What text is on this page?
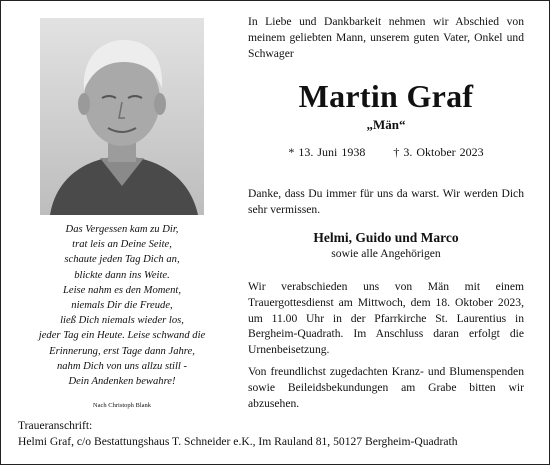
Das Vergessen kam zu Dir,
trat leis an Deine Seite,
schaute jeden Tag Dich an,
blickte dann ins Weite.
Leise nahm es den Moment,
niemals Dir die Freude,
ließ Dich niemals wieder los,
jeder Tag ein Heute. Leise schwand die
Erinnerung, erst Tage dann Jahre,
nahm Dich von uns allzu still -
Dein Andenken bewahre!
Nach Christoph Blank
In Liebe und Dankbarkeit nehmen wir Abschied von meinem geliebten Mann, unserem guten Vater, Onkel und Schwager
Martin Graf
„Män“
* 13. Juni 1938 † 3. Oktober 2023
Danke, dass Du immer für uns da warst. Wir werden Dich sehr vermissen.
Helmi, Guido und Marco
sowie alle Angehörigen
Wir verabschieden uns von Män mit einem Trauergottesdienst am Mittwoch, dem 18. Oktober 2023, um 11.00 Uhr in der Pfarrkirche St. Laurentius in Bergheim-Quadrath. Im Anschluss daran erfolgt die Urnenbeisetzung.
Von freundlichst zugedachten Kranz- und Blumenspenden sowie Beileidsbekundungen am Grabe bitten wir abzusehen.
Traueranschrift:
Helmi Graf, c/o Bestattungshaus T. Schneider e.K., Im Rauland 81, 50127 Bergheim-Quadrath
